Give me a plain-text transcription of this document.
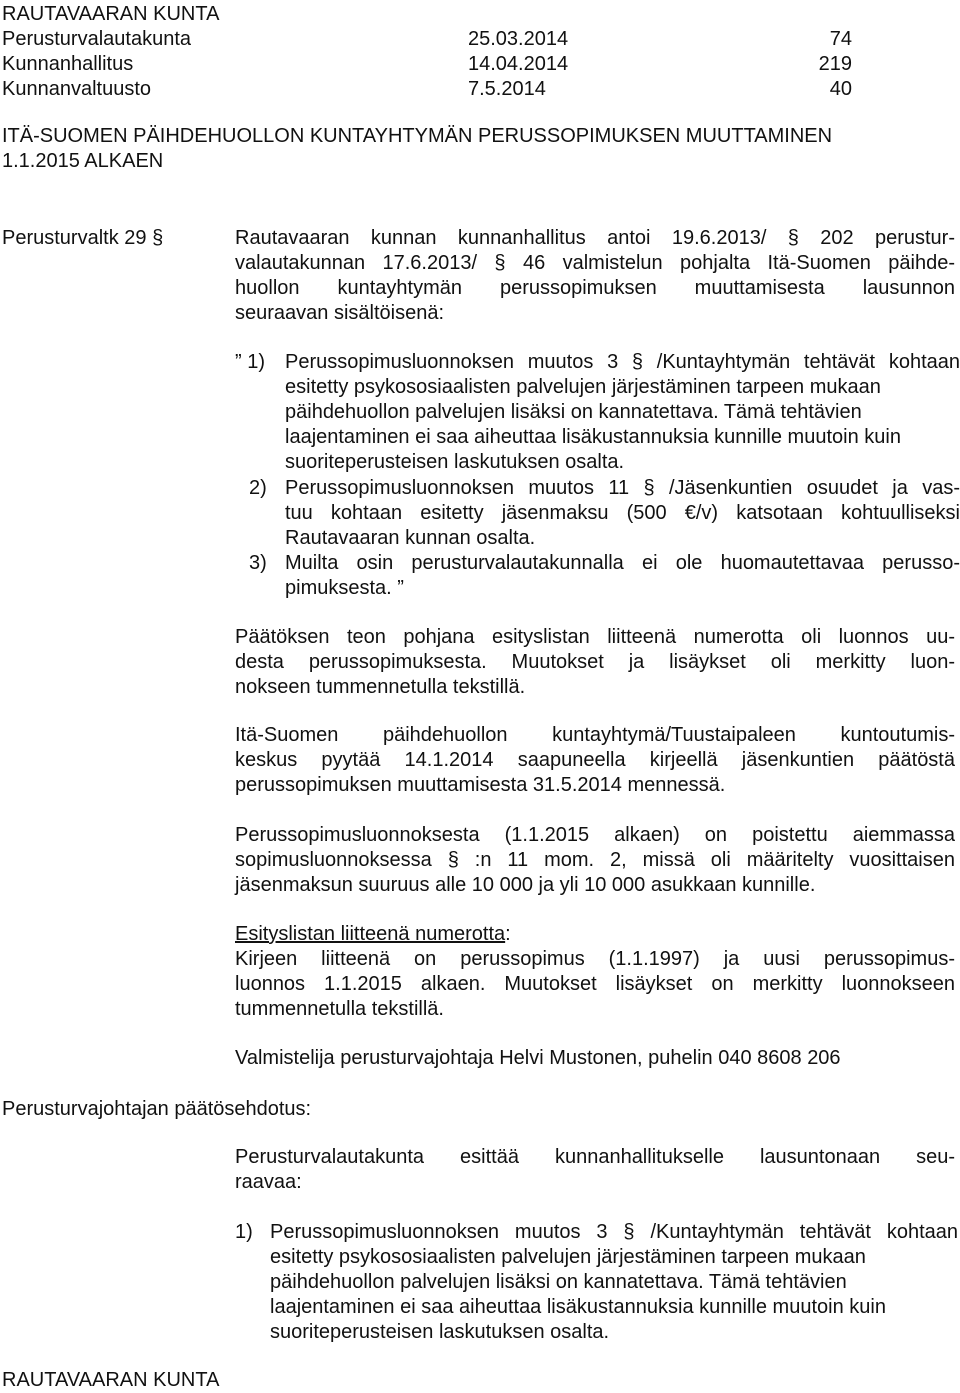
RAUTAVAARAN KUNTA
Perusturvalautakunta	25.03.2014	74
Kunnanhallitus	14.04.2014	219
Kunnanvaltuusto	7.5.2014	40
ITÄ-SUOMEN PÄIHDEHUOLLON KUNTAYHTYMÄN PERUSSOPIMUKSEN MUUTTAMINEN
1.1.2015 ALKAEN
Perusturvaltk 29 §
Perusturvajohtajan päätösehdotus:
Rautavaaran kunnan kunnanhallitus antoi 19.6.2013/ § 202 perustur-
valautakunnan 17.6.2013/ § 46 valmistelun pohjalta Itä-Suomen päihde-
huollon kuntayhtymän perussopimuksen muuttamisesta lausunnon
seuraavan sisältöisenä:
” 1) Perussopimusluonnoksen muutos 3 § /Kuntayhtymän tehtävät kohtaan
esitetty psykososiaalisten palvelujen järjestäminen tarpeen mukaan
päihdehuollon palvelujen lisäksi on kannatettava. Tämä tehtävien
laajentaminen ei saa aiheuttaa lisäkustannuksia kunnille muutoin kuin
suoriteperusteisen laskutuksen osalta.
2) Perussopimusluonnoksen muutos 11 § /Jäsenkuntien osuudet ja vas-
tuu kohtaan esitetty jäsenmaksu (500 €/v) katsotaan kohtuulliseksi
Rautavaaran kunnan osalta.
3) Muilta osin perusturvalautakunnalla ei ole huomautettavaa perusso-
pimuksesta. ”
Päätöksen teon pohjana esityslistan liitteenä numerotta oli luonnos uu-
desta perussopimuksesta. Muutokset ja lisäykset oli merkitty luon-
nokseen tummennetulla tekstillä.
Itä-Suomen päihdehuollon kuntayhtymä/Tuustaipaleen kuntoutumis-
keskus pyytää 14.1.2014 saapuneella kirjeellä jäsenkuntien päätöstä
perussopimuksen muuttamisesta 31.5.2014 mennessä.
Perussopimusluonnoksesta (1.1.2015 alkaen) on poistettu aiemmassa
sopimusluonnoksessa § :n 11 mom. 2, missä oli määritelty vuosittaisen
jäsenmaksun suuruus alle 10 000 ja yli 10 000 asukkaan kunnille.
Esityslistan liitteenä numerotta:
Kirjeen liitteenä on perussopimus (1.1.1997) ja uusi perussopimus-
luonnos 1.1.2015 alkaen. Muutokset lisäykset on merkitty luonnokseen
tummennetulla tekstillä.
Valmistelija perusturvajohtaja Helvi Mustonen, puhelin 040 8608 206
Perusturvalautakunta esittää kunnanhallitukselle lausuntonaan seu-
raavaa:
1) Perussopimusluonnoksen muutos 3 § /Kuntayhtymän tehtävät kohtaan
esitetty psykososiaalisten palvelujen järjestäminen tarpeen mukaan
päihdehuollon palvelujen lisäksi on kannatettava. Tämä tehtävien
laajentaminen ei saa aiheuttaa lisäkustannuksia kunnille muutoin kuin
suoriteperusteisen laskutuksen osalta.
RAUTAVAARAN KUNTA
